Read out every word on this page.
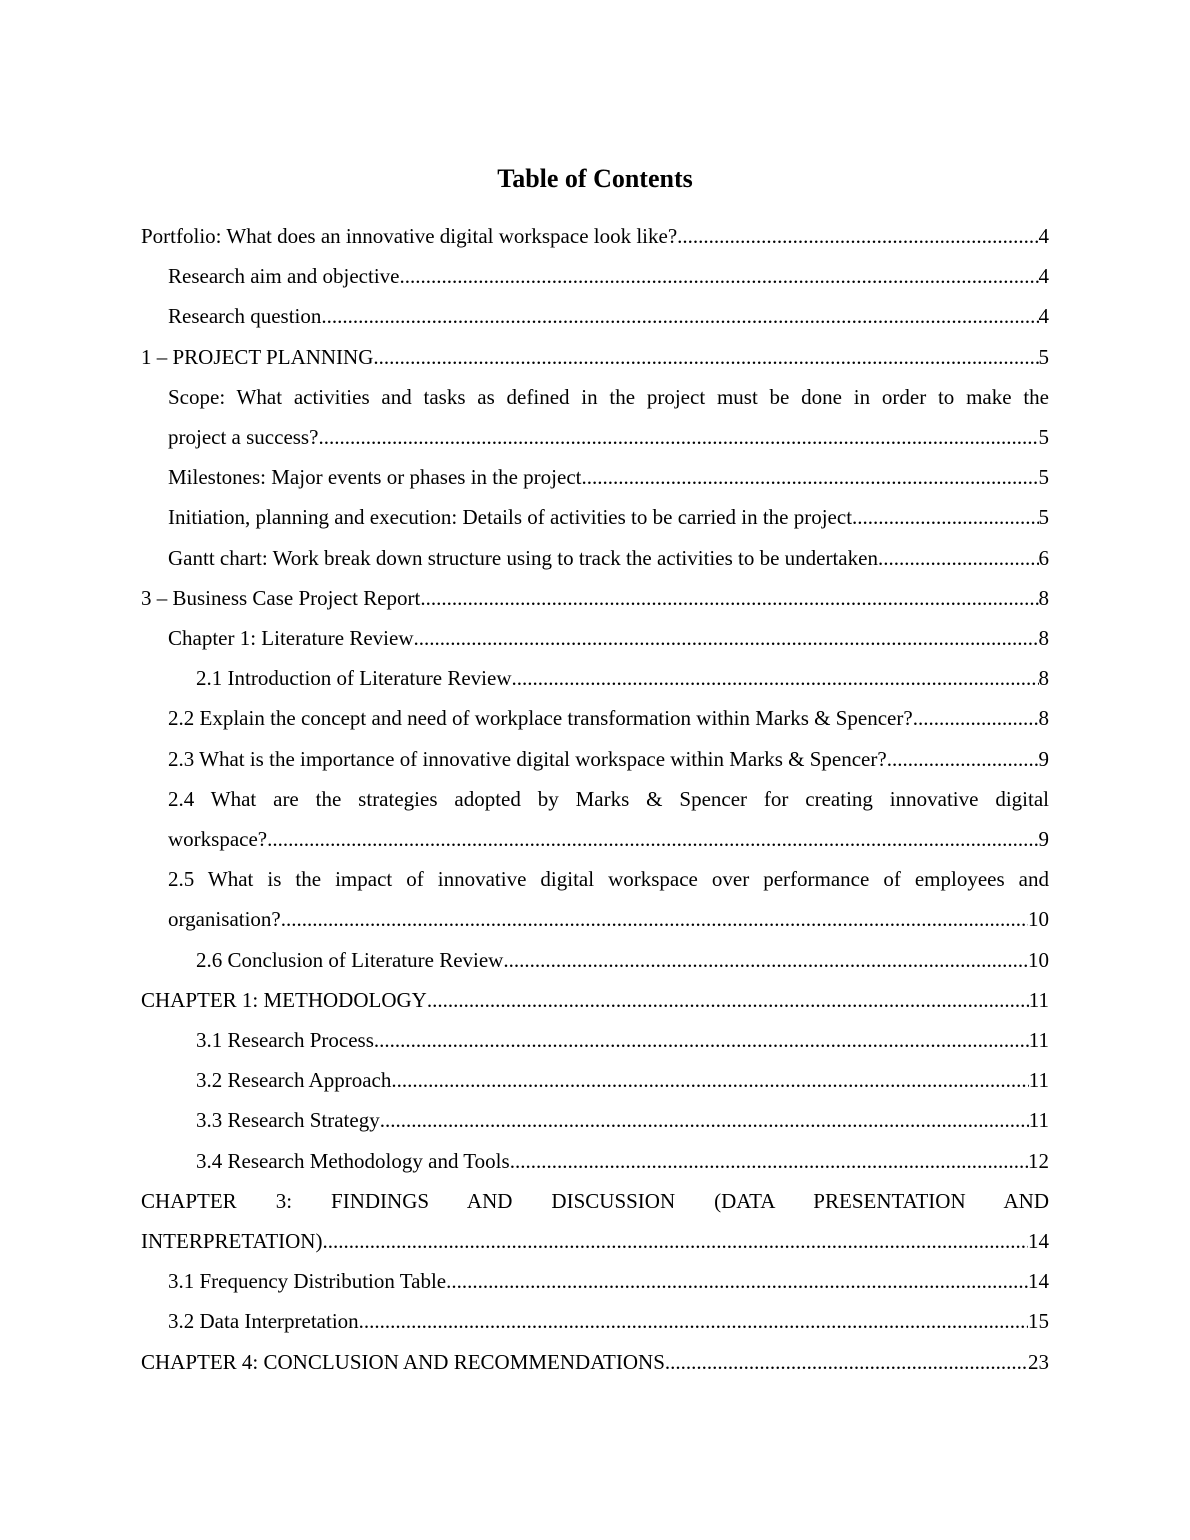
Table of Contents
Portfolio: What does an innovative digital workspace look like? .....	4
Research aim and objective .....	4
Research question .....	4
1 – PROJECT PLANNING .....	5
Scope: What activities and tasks as defined in the project must be done in order to make the
project a success? .....	5
Milestones: Major events or phases in the project .....	5
Initiation, planning and execution: Details of activities to be carried in the project .....	5
Gantt chart: Work break down structure using to track the activities to be undertaken .....	6
3 – Business Case Project Report .....	8
Chapter 1: Literature Review .....	8
2.1 Introduction of Literature Review .....	8
2.2 Explain the concept and need of workplace transformation within Marks & Spencer? .....	8
2.3 What is the importance of innovative digital workspace within Marks & Spencer? .....	9
2.4 What are the strategies adopted by Marks & Spencer for creating innovative digital
workspace? .....	9
2.5 What is the impact of innovative digital workspace over performance of employees and
organisation? .....	10
2.6 Conclusion of Literature Review .....	10
CHAPTER 1: METHODOLOGY .....	11
3.1 Research Process .....	11
3.2 Research Approach .....	11
3.3 Research Strategy .....	11
3.4 Research Methodology and Tools .....	12
CHAPTER 3: FINDINGS AND DISCUSSION (DATA PRESENTATION AND
INTERPRETATION) .....	14
3.1 Frequency Distribution Table .....	14
3.2 Data Interpretation .....	15
CHAPTER 4: CONCLUSION AND RECOMMENDATIONS .....	23
